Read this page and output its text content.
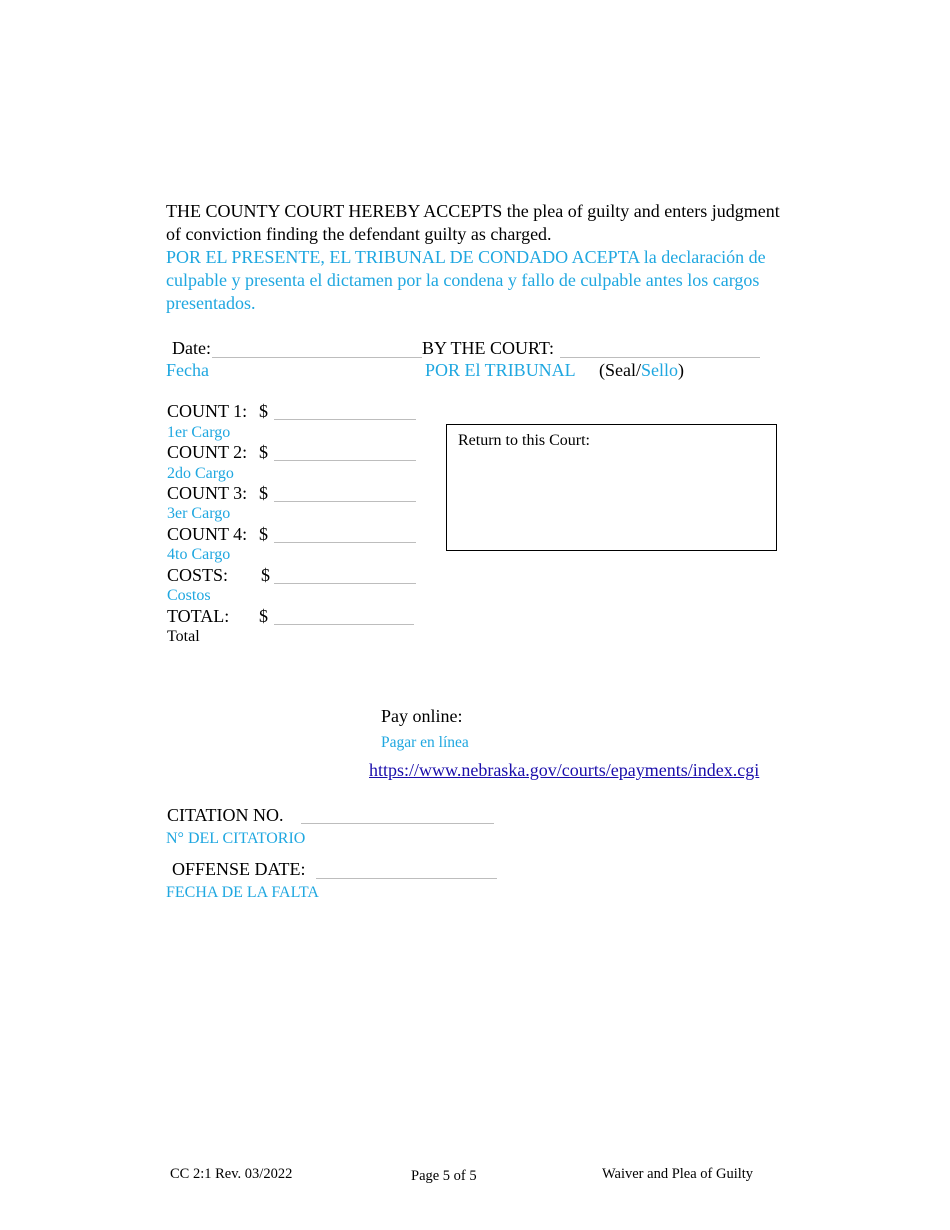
THE COUNTY COURT HEREBY ACCEPTS the plea of guilty and enters judgment of conviction finding the defendant guilty as charged.
POR EL PRESENTE, EL TRIBUNAL DE CONDADO ACEPTA la declaración de culpable y presenta el dictamen por la condena y fallo de culpable antes los cargos presentados.
Date:	BY THE COURT:
Fecha	POR El TRIBUNAL (Seal/Sello)
COUNT 1: $
1er Cargo
COUNT 2: $
2do Cargo
COUNT 3: $
3er Cargo
COUNT 4: $
4to Cargo
COSTS: $
Costos
TOTAL: $
Total
Return to this Court:
Pay online:
Pagar en línea
https://www.nebraska.gov/courts/epayments/index.cgi
CITATION NO.
N° DEL CITATORIO
OFFENSE DATE:
FECHA DE LA FALTA
CC 2:1 Rev. 03/2022	Page 5 of 5	Waiver and Plea of Guilty
